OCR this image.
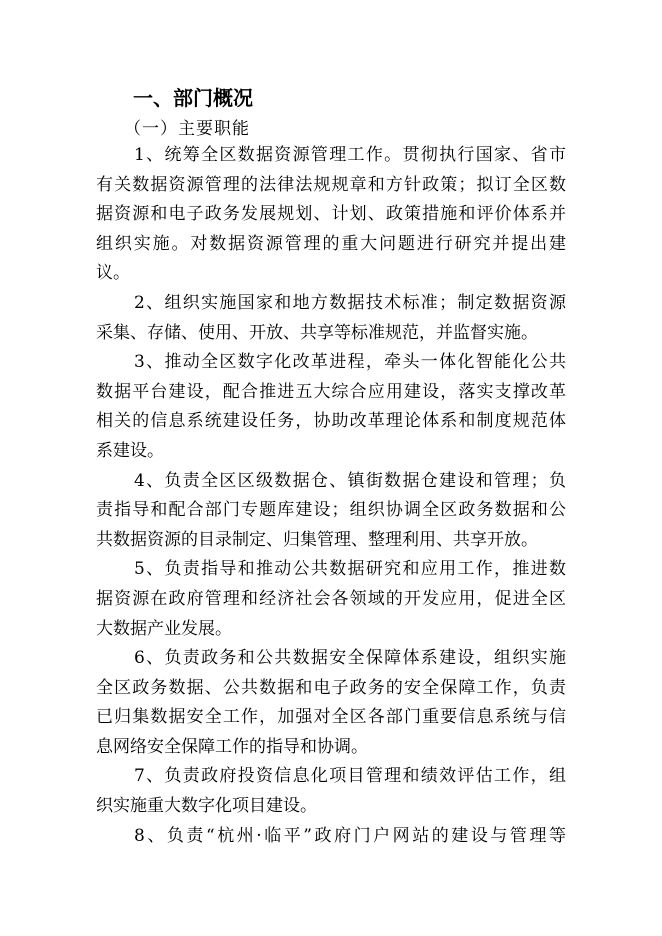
一、部门概况
（一）主要职能

1、统筹全区数据资源管理工作。贯彻执行国家、省市
有关数据资源管理的法律法规规章和方针政策；拟订全区数
据资源和电子政务发展规划、计划、政策措施和评价体系并
组织实施。对数据资源管理的重大问题进行研究并提出建
议。

2、组织实施国家和地方数据技术标准；制定数据资源
采集、存储、使用、开放、共享等标准规范，并监督实施。

3、推动全区数字化改革进程，牵头一体化智能化公共
数据平台建设，配合推进五大综合应用建设，落实支撑改革
相关的信息系统建设任务，协助改革理论体系和制度规范体
系建设。

4、负责全区区级数据仓、镇街数据仓建设和管理；负
责指导和配合部门专题库建设；组织协调全区政务数据和公
共数据资源的目录制定、归集管理、整理利用、共享开放。

5、负责指导和推动公共数据研究和应用工作，推进数
据资源在政府管理和经济社会各领域的开发应用，促进全区
大数据产业发展。

6、负责政务和公共数据安全保障体系建设，组织实施
全区政务数据、公共数据和电子政务的安全保障工作，负责
已归集数据安全工作，加强对全区各部门重要信息系统与信
息网络安全保障工作的指导和协调。

7、负责政府投资信息化项目管理和绩效评估工作，组
织实施重大数字化项目建设。

8、负责“杭州·临平”政府门户网站的建设与管理等
